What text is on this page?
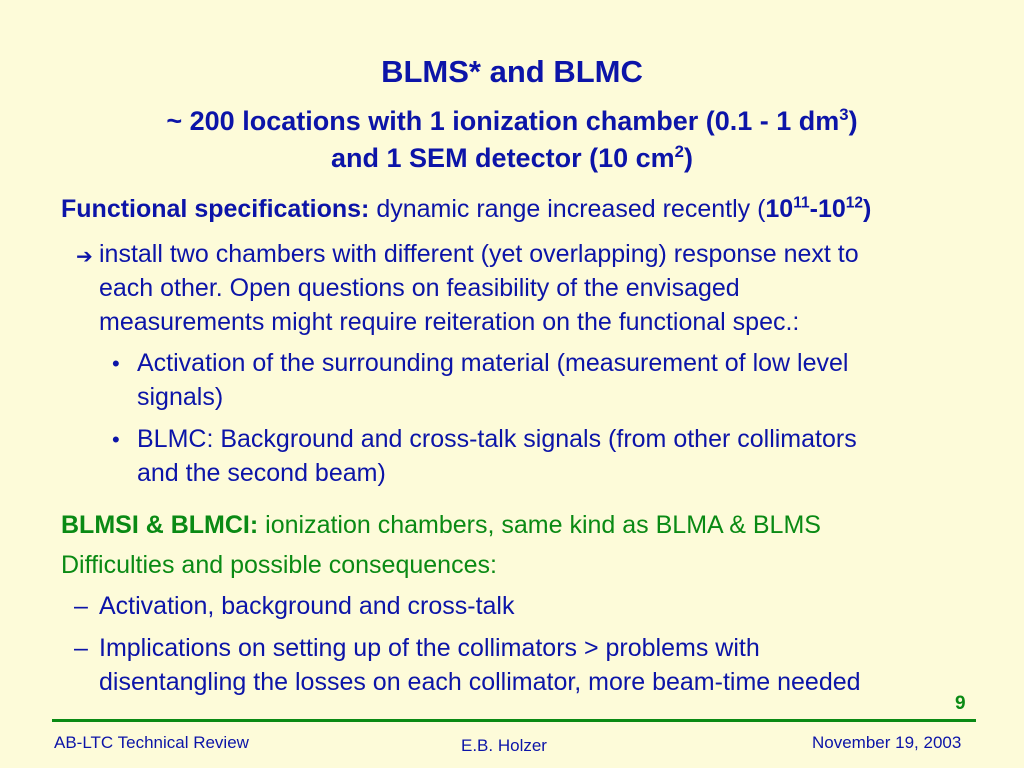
BLMS* and BLMC
~ 200 locations with 1 ionization chamber (0.1 - 1 $dm^3$)
and 1 SEM detector (10 $cm^2$)
Functional specifications: dynamic range increased recently $(10^{11}-10^{12})$
➔ install two chambers with different (yet overlapping) response next to
each other. Open questions on feasibility of the envisaged
measurements might require reiteration on the functional spec.:
• Activation of the surrounding material (measurement of low level
signals)
• BLMC: Background and cross-talk signals (from other collimators
and the second beam)
BLMSI & BLMCI: ionization chambers, same kind as BLMA & BLMS
Difficulties and possible consequences:
– Activation, background and cross-talk
– Implications on setting up of the collimators > problems with
disentangling the losses on each collimator, more beam-time needed
9
AB-LTC Technical Review	E.B. Holzer	November 19, 2003
